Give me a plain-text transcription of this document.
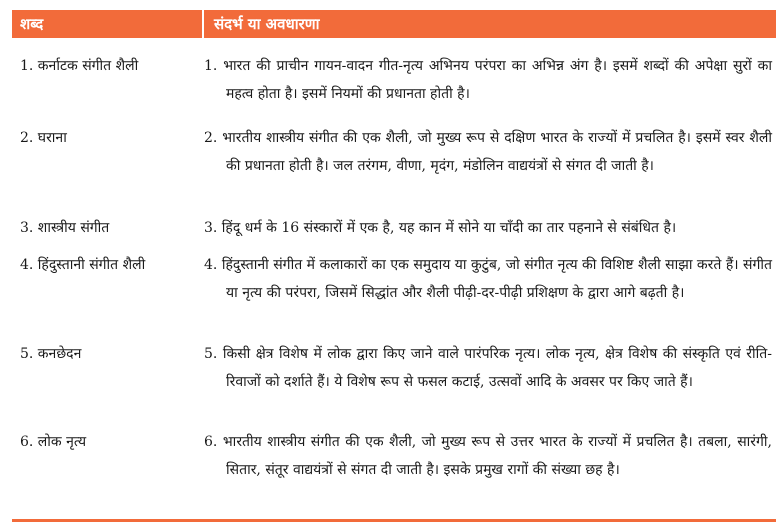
शब्द	संदर्भ या अवधारणा
1. कर्नाटक संगीत शैली	1. भारत की प्राचीन गायन-वादन गीत-नृत्य अभिनय परंपरा का अभिन्न अंग है। इसमें शब्दों की अपेक्षा सुरों का महत्व होता है। इसमें नियमों की प्रधानता होती है।
2. घराना	2. भारतीय शास्त्रीय संगीत की एक शैली, जो मुख्य रूप से दक्षिण भारत के राज्यों में प्रचलित है। इसमें स्वर शैली की प्रधानता होती है। जल तरंगम, वीणा, मृदंग, मंडोलिन वाद्ययंत्रों से संगत दी जाती है।
3. शास्त्रीय संगीत	3. हिंदू धर्म के 16 संस्कारों में एक है, यह कान में सोने या चाँदी का तार पहनाने से संबंधित है।
4. हिंदुस्तानी संगीत शैली	4. हिंदुस्तानी संगीत में कलाकारों का एक समुदाय या कुटुंब, जो संगीत नृत्य की विशिष्ट शैली साझा करते हैं। संगीत या नृत्य की परंपरा, जिसमें सिद्धांत और शैली पीढ़ी-दर-पीढ़ी प्रशिक्षण के द्वारा आगे बढ़ती है।
5. कनछेदन	5. किसी क्षेत्र विशेष में लोक द्वारा किए जाने वाले पारंपरिक नृत्य। लोक नृत्य, क्षेत्र विशेष की संस्कृति एवं रीति-रिवाजों को दर्शाते हैं। ये विशेष रूप से फसल कटाई, उत्सवों आदि के अवसर पर किए जाते हैं।
6. लोक नृत्य	6. भारतीय शास्त्रीय संगीत की एक शैली, जो मुख्य रूप से उत्तर भारत के राज्यों में प्रचलित है। तबला, सारंगी, सितार, संतूर वाद्ययंत्रों से संगत दी जाती है। इसके प्रमुख रागों की संख्या छह है।
